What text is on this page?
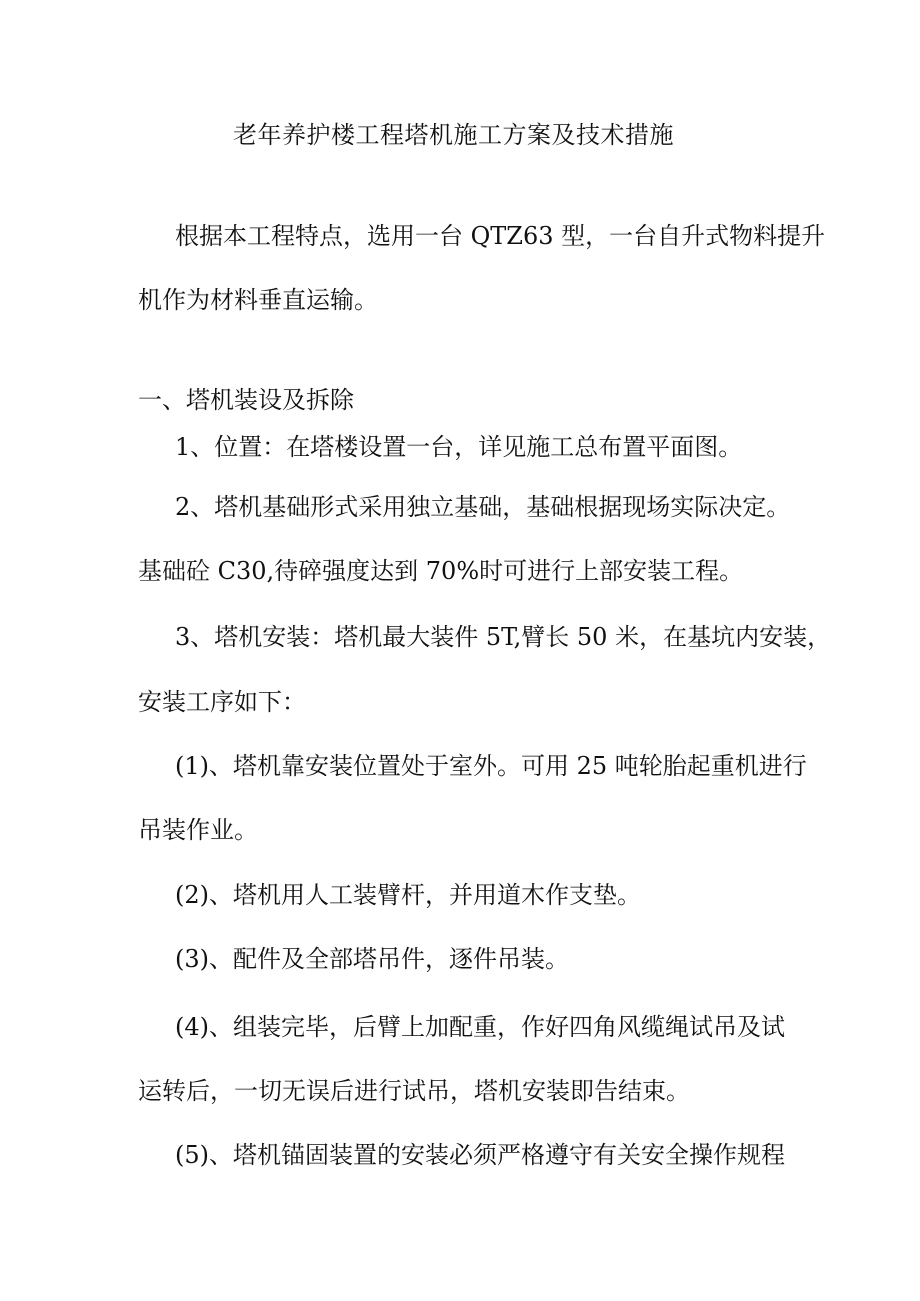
老年养护楼工程塔机施工方案及技术措施
根据本工程特点，选用一台 QTZ63 型，一台自升式物料提升
机作为材料垂直运输。
一、塔机装设及拆除
1、位置：在塔楼设置一台，详见施工总布置平面图。
2、塔机基础形式采用独立基础，基础根据现场实际决定。
基础砼 C30,待碎强度达到 70%时可进行上部安装工程。
3、塔机安装：塔机最大装件 5T,臂长 50 米，在基坑内安装，
安装工序如下：
(1)、塔机靠安装位置处于室外。可用 25 吨轮胎起重机进行
吊装作业。
(2)、塔机用人工装臂杆，并用道木作支垫。
(3)、配件及全部塔吊件，逐件吊装。
(4)、组装完毕，后臂上加配重，作好四角风缆绳试吊及试
运转后，一切无误后进行试吊，塔机安装即告结束。
(5)、塔机锚固装置的安装必须严格遵守有关安全操作规程
